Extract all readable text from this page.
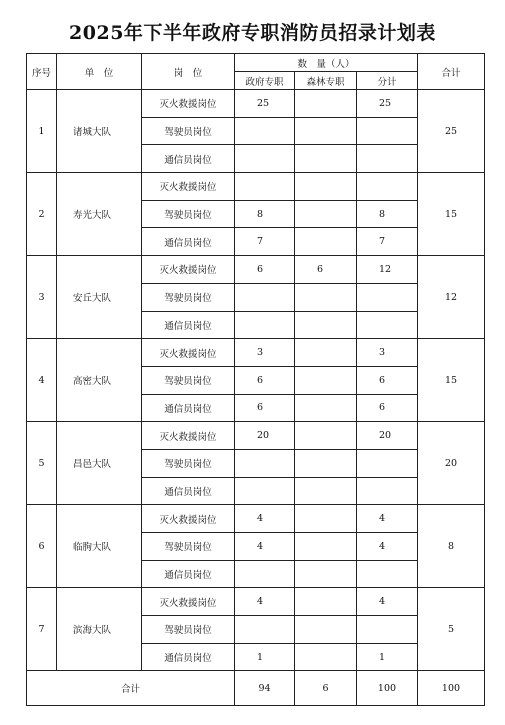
2025年下半年政府专职消防员招录计划表
序号	单　位	岗　位	数　量（人）			合计
			政府专职	森林专职	分计	
1	诸城大队	灭火救援岗位	25		25	25
		驾驶员岗位				
		通信员岗位				
2	寿光大队	灭火救援岗位				15
		驾驶员岗位	8		8	
		通信员岗位	7		7	
3	安丘大队	灭火救援岗位	6	6	12	12
		驾驶员岗位				
		通信员岗位				
4	高密大队	灭火救援岗位	3		3	15
		驾驶员岗位	6		6	
		通信员岗位	6		6	
5	昌邑大队	灭火救援岗位	20		20	20
		驾驶员岗位				
		通信员岗位				
6	临朐大队	灭火救援岗位	4		4	8
		驾驶员岗位	4		4	
		通信员岗位				
7	滨海大队	灭火救援岗位	4		4	5
		驾驶员岗位				
		通信员岗位	1		1	
合计			94	6	100	100
